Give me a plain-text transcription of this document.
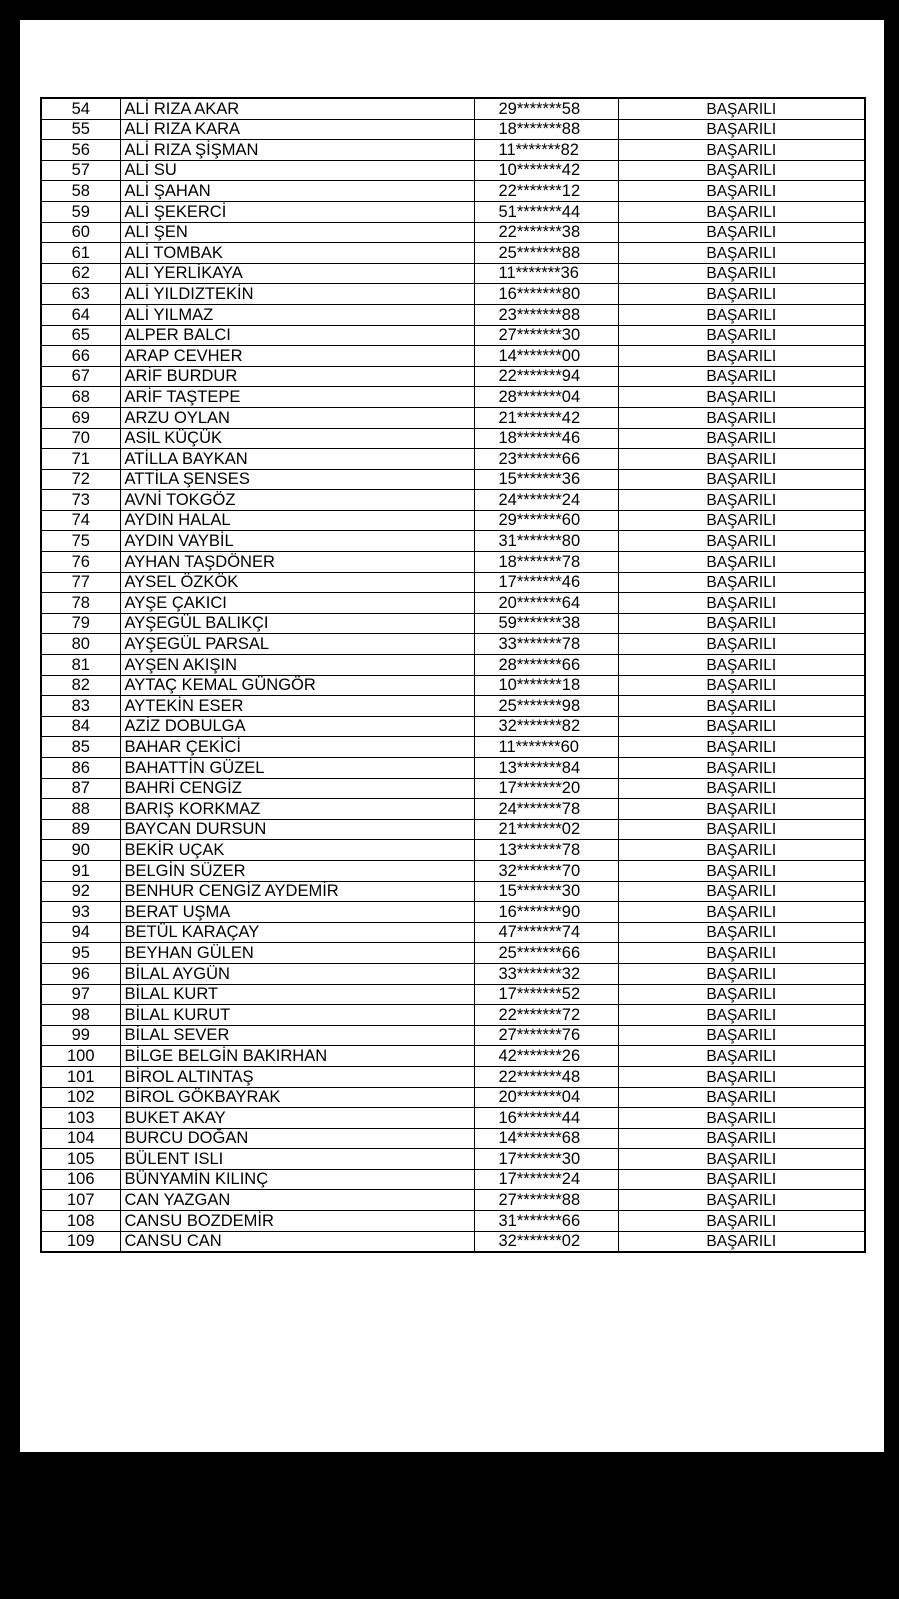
54	ALİ RIZA AKAR	29*******58	BAŞARILI
55	ALİ RIZA KARA	18*******88	BAŞARILI
56	ALİ RIZA ŞİŞMAN	11*******82	BAŞARILI
57	ALİ SU	10*******42	BAŞARILI
58	ALİ ŞAHAN	22*******12	BAŞARILI
59	ALİ ŞEKERCİ	51*******44	BAŞARILI
60	ALİ ŞEN	22*******38	BAŞARILI
61	ALİ TOMBAK	25*******88	BAŞARILI
62	ALİ YERLİKAYA	11*******36	BAŞARILI
63	ALİ YILDIZTEKİN	16*******80	BAŞARILI
64	ALİ YILMAZ	23*******88	BAŞARILI
65	ALPER BALCI	27*******30	BAŞARILI
66	ARAP CEVHER	14*******00	BAŞARILI
67	ARİF BURDUR	22*******94	BAŞARILI
68	ARİF TAŞTEPE	28*******04	BAŞARILI
69	ARZU OYLAN	21*******42	BAŞARILI
70	ASİL KÜÇÜK	18*******46	BAŞARILI
71	ATİLLA BAYKAN	23*******66	BAŞARILI
72	ATTİLA ŞENSES	15*******36	BAŞARILI
73	AVNİ TOKGÖZ	24*******24	BAŞARILI
74	AYDIN HALAL	29*******60	BAŞARILI
75	AYDIN VAYBİL	31*******80	BAŞARILI
76	AYHAN TAŞDÖNER	18*******78	BAŞARILI
77	AYSEL ÖZKÖK	17*******46	BAŞARILI
78	AYŞE ÇAKICI	20*******64	BAŞARILI
79	AYŞEGÜL BALIKÇI	59*******38	BAŞARILI
80	AYŞEGÜL PARSAL	33*******78	BAŞARILI
81	AYŞEN AKIŞIN	28*******66	BAŞARILI
82	AYTAÇ KEMAL GÜNGÖR	10*******18	BAŞARILI
83	AYTEKİN ESER	25*******98	BAŞARILI
84	AZİZ DOBULGA	32*******82	BAŞARILI
85	BAHAR ÇEKİCİ	11*******60	BAŞARILI
86	BAHATTİN GÜZEL	13*******84	BAŞARILI
87	BAHRİ CENGİZ	17*******20	BAŞARILI
88	BARIŞ KORKMAZ	24*******78	BAŞARILI
89	BAYCAN DURSUN	21*******02	BAŞARILI
90	BEKİR UÇAK	13*******78	BAŞARILI
91	BELGİN SÜZER	32*******70	BAŞARILI
92	BENHUR CENGİZ AYDEMİR	15*******30	BAŞARILI
93	BERAT UŞMA	16*******90	BAŞARILI
94	BETÜL KARAÇAY	47*******74	BAŞARILI
95	BEYHAN GÜLEN	25*******66	BAŞARILI
96	BİLAL AYGÜN	33*******32	BAŞARILI
97	BİLAL KURT	17*******52	BAŞARILI
98	BİLAL KURUT	22*******72	BAŞARILI
99	BİLAL SEVER	27*******76	BAŞARILI
100	BİLGE BELGİN BAKIRHAN	42*******26	BAŞARILI
101	BİROL ALTINTAŞ	22*******48	BAŞARILI
102	BİROL GÖKBAYRAK	20*******04	BAŞARILI
103	BUKET AKAY	16*******44	BAŞARILI
104	BURCU DOĞAN	14*******68	BAŞARILI
105	BÜLENT ISLI	17*******30	BAŞARILI
106	BÜNYAMİN KILINÇ	17*******24	BAŞARILI
107	CAN YAZGAN	27*******88	BAŞARILI
108	CANSU BOZDEMİR	31*******66	BAŞARILI
109	CANSU CAN	32*******02	BAŞARILI
